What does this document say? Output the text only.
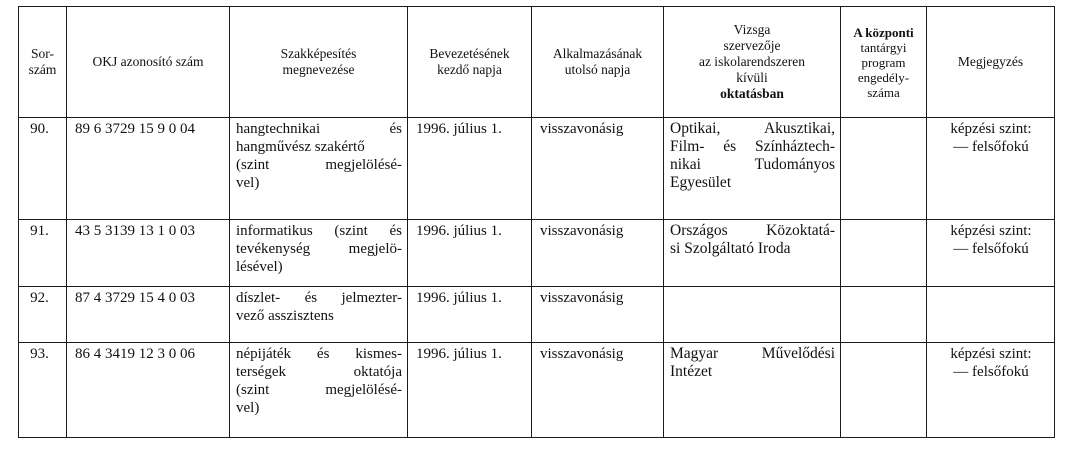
Sor-
szám	OKJ azonosító szám	Szakképesítés
megnevezése	Bevezetésének
kezdő napja	Alkalmazásának
utolsó napja	Vizsga
szervezője
az iskolarendszeren
kívüli
oktatásban	A központi
tantárgyi
program
engedély-
száma	Megjegyzés

90.	89 6 3729 15 9 0 04	hangtechnikai és
hangművész szakértő
(szint megjelölésé-
vel)	1996. július 1.	visszavonásig	Optikai, Akusztikai,
Film- és Színháztech-
nikai Tudományos
Egyesület		képzési szint:
— felsőfokú

91.	43 5 3139 13 1 0 03	informatikus (szint és
tevékenység megjelö-
lésével)	1996. július 1.	visszavonásig	Országos Közoktatá-
si Szolgáltató Iroda		képzési szint:
— felsőfokú

92.	87 4 3729 15 4 0 03	díszlet- és jelmezter-
vező asszisztens	1996. július 1.	visszavonásig			

93.	86 4 3419 12 3 0 06	népijáték és kismes-
terségek oktatója
(szint megjelölésé-
vel)	1996. július 1.	visszavonásig	Magyar Művelődési
Intézet		képzési szint:
— felsőfokú
